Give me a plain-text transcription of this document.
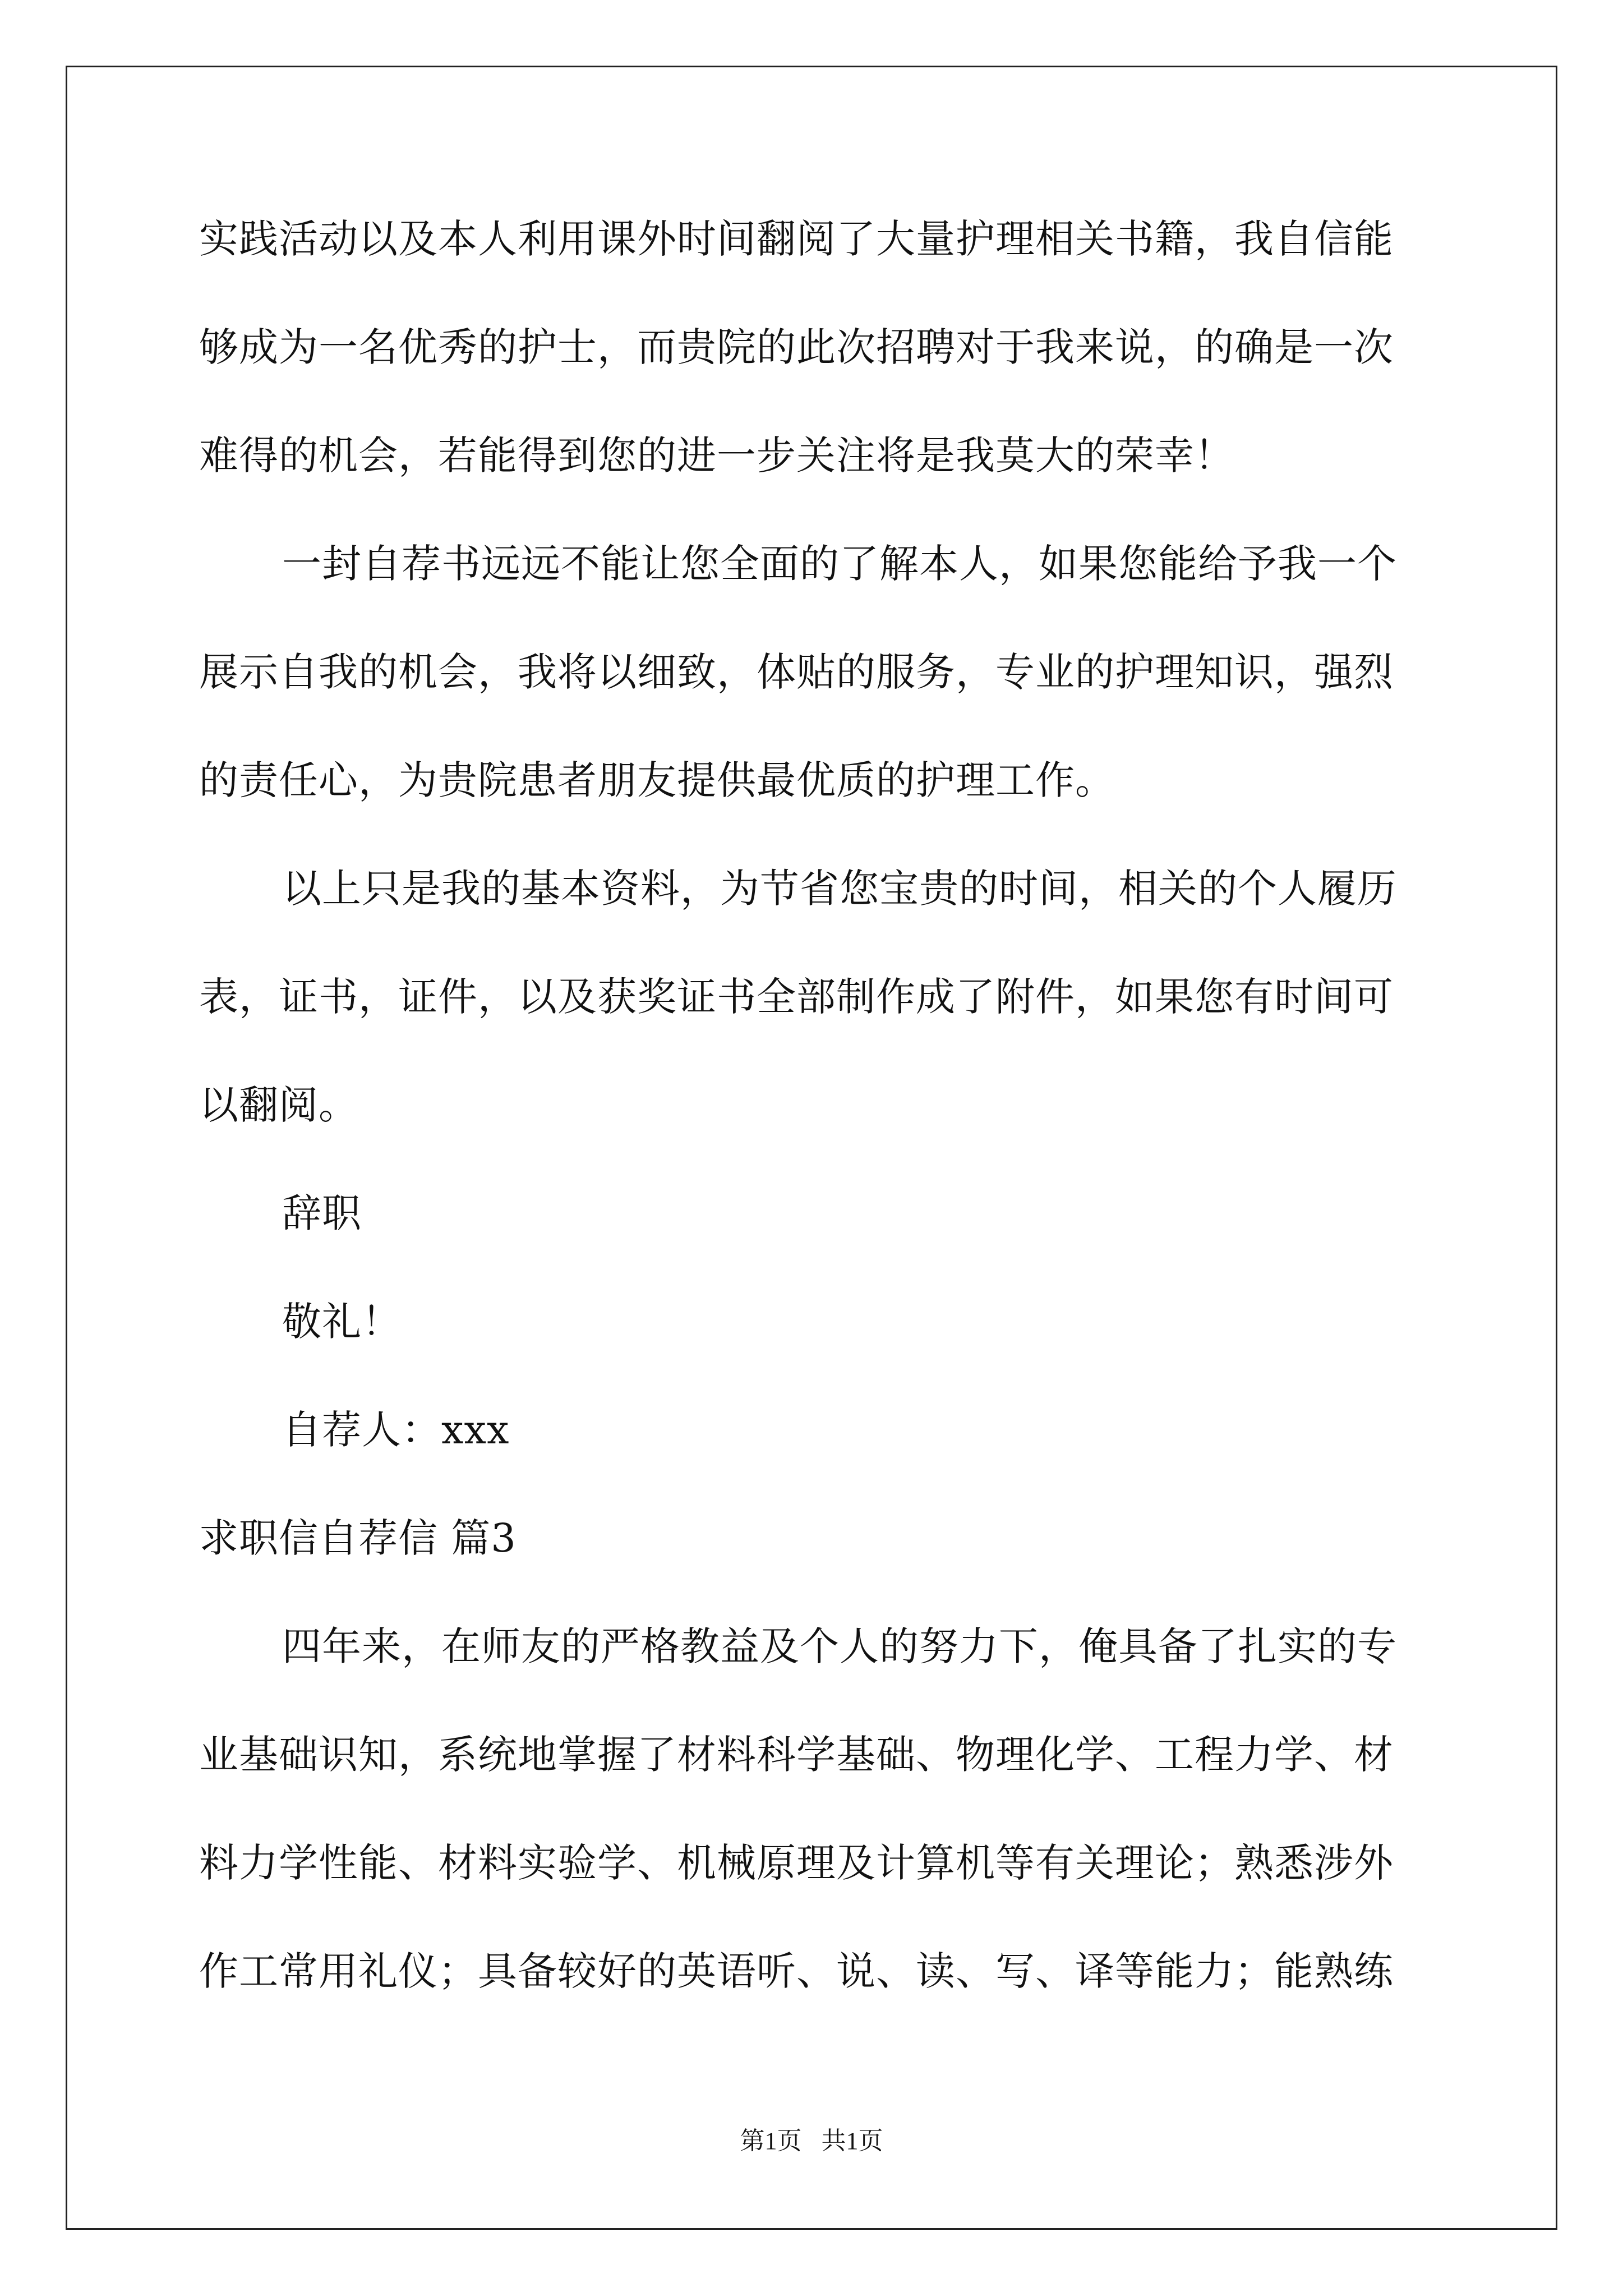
实践活动以及本人利用课外时间翻阅了大量护理相关书籍，我自信能
够成为一名优秀的护士，而贵院的此次招聘对于我来说，的确是一次
难得的机会，若能得到您的进一步关注将是我莫大的荣幸！
一封自荐书远远不能让您全面的了解本人，如果您能给予我一个
展示自我的机会，我将以细致，体贴的服务，专业的护理知识，强烈
的责任心，为贵院患者朋友提供最优质的护理工作。
以上只是我的基本资料，为节省您宝贵的时间，相关的个人履历
表，证书，证件，以及获奖证书全部制作成了附件，如果您有时间可
以翻阅。
辞职
敬礼！
自荐人：xxx
求职信自荐信 篇3
四年来，在师友的严格教益及个人的努力下，俺具备了扎实的专
业基础识知，系统地掌握了材料科学基础、物理化学、工程力学、材
料力学性能、材料实验学、机械原理及计算机等有关理论；熟悉涉外
作工常用礼仪；具备较好的英语听、说、读、写、译等能力；能熟练
第1页 共1页
